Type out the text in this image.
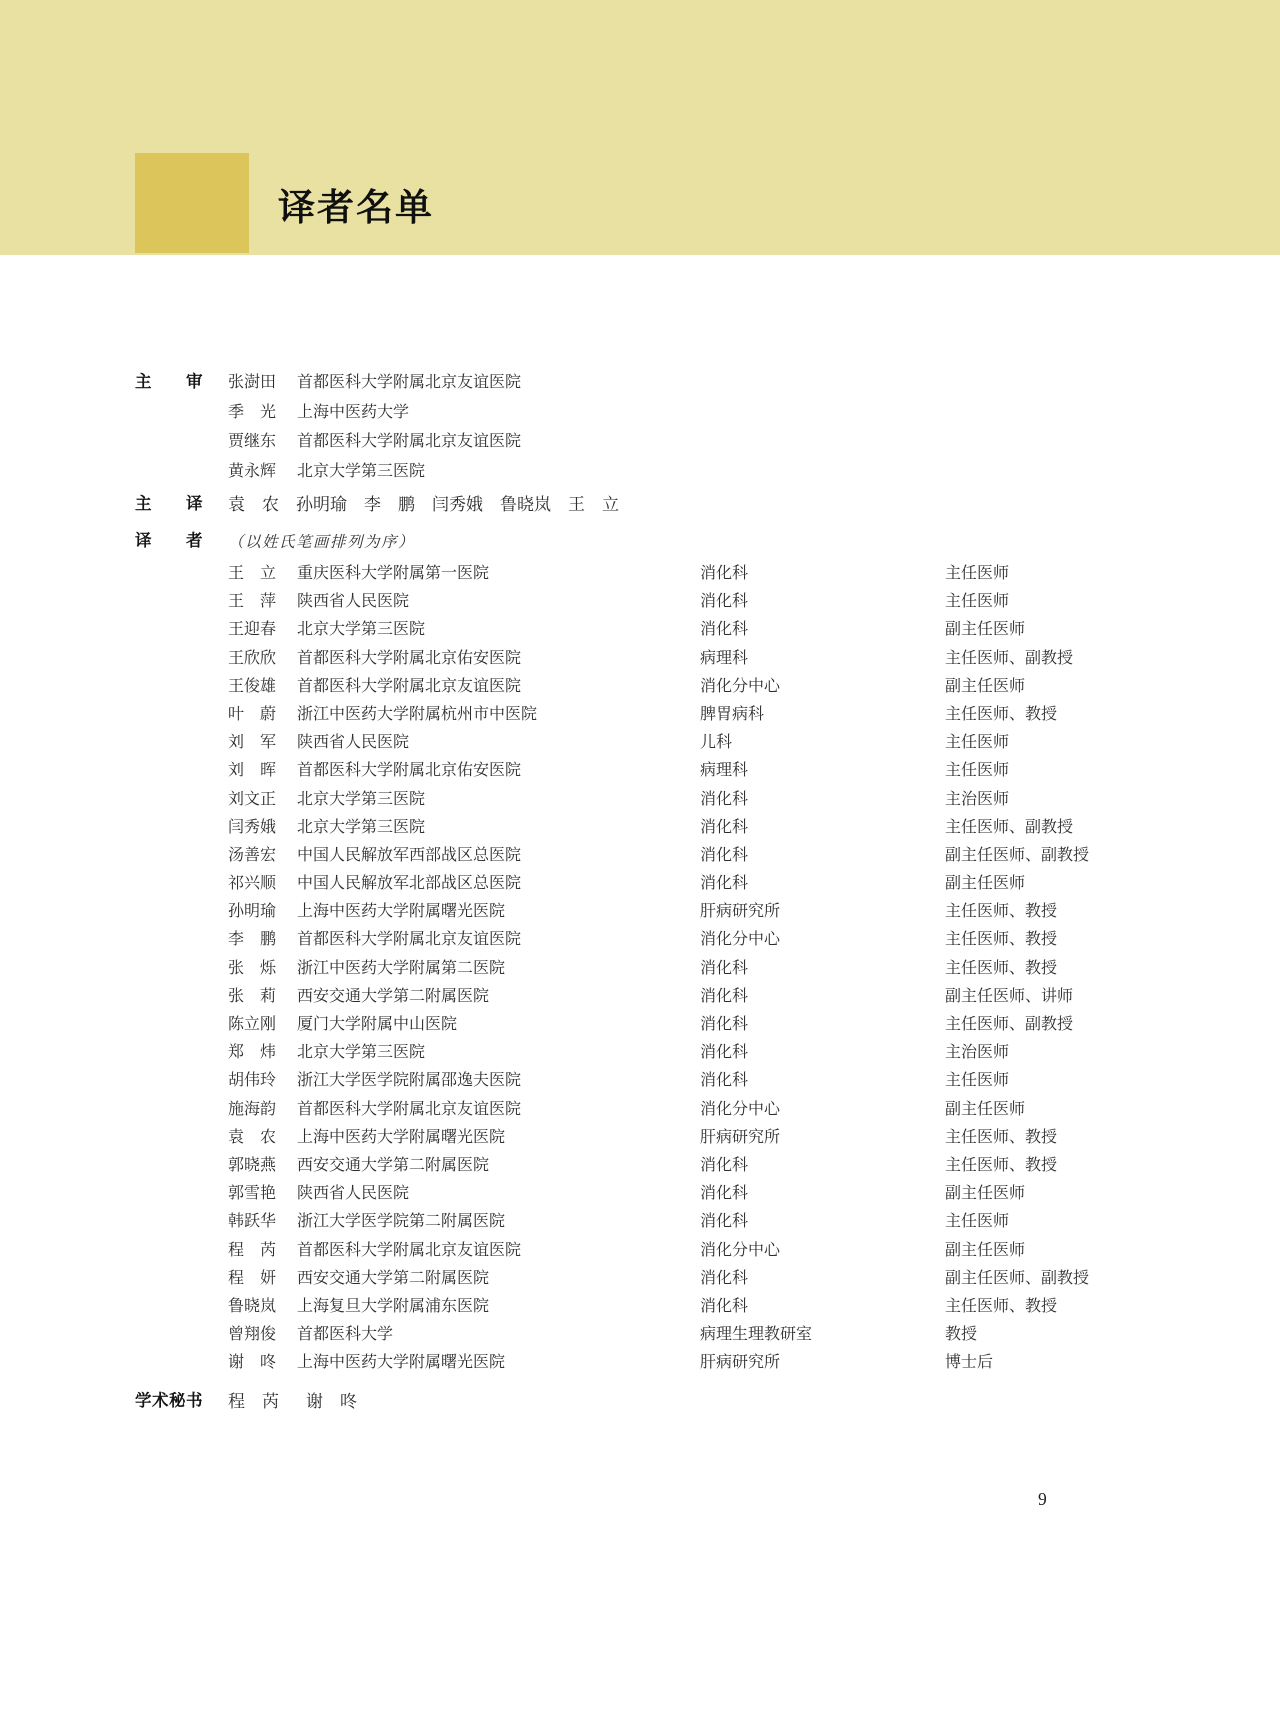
译者名单
主　　审 张澍田 首都医科大学附属北京友谊医院
季　光 上海中医药大学
贾继东 首都医科大学附属北京友谊医院
黄永辉 北京大学第三医院
主　　译 袁　农 孙明瑜 李　鹏 闫秀娥 鲁晓岚 王　立
译　　者 （以姓氏笔画排列为序）
王　立 重庆医科大学附属第一医院	消化科	主任医师
王　萍 陕西省人民医院	消化科	主任医师
王迎春 北京大学第三医院	消化科	副主任医师
王欣欣 首都医科大学附属北京佑安医院	病理科	主任医师、副教授
王俊雄 首都医科大学附属北京友谊医院	消化分中心	副主任医师
叶　蔚 浙江中医药大学附属杭州市中医院	脾胃病科	主任医师、教授
刘　军 陕西省人民医院	儿科	主任医师
刘　晖 首都医科大学附属北京佑安医院	病理科	主任医师
刘文正 北京大学第三医院	消化科	主治医师
闫秀娥 北京大学第三医院	消化科	主任医师、副教授
汤善宏 中国人民解放军西部战区总医院	消化科	副主任医师、副教授
祁兴顺 中国人民解放军北部战区总医院	消化科	副主任医师
孙明瑜 上海中医药大学附属曙光医院	肝病研究所	主任医师、教授
李　鹏 首都医科大学附属北京友谊医院	消化分中心	主任医师、教授
张　烁 浙江中医药大学附属第二医院	消化科	主任医师、教授
张　莉 西安交通大学第二附属医院	消化科	副主任医师、讲师
陈立刚 厦门大学附属中山医院	消化科	主任医师、副教授
郑　炜 北京大学第三医院	消化科	主治医师
胡伟玲 浙江大学医学院附属邵逸夫医院	消化科	主任医师
施海韵 首都医科大学附属北京友谊医院	消化分中心	副主任医师
袁　农 上海中医药大学附属曙光医院	肝病研究所	主任医师、教授
郭晓燕 西安交通大学第二附属医院	消化科	主任医师、教授
郭雪艳 陕西省人民医院	消化科	副主任医师
韩跃华 浙江大学医学院第二附属医院	消化科	主任医师
程　芮 首都医科大学附属北京友谊医院	消化分中心	副主任医师
程　妍 西安交通大学第二附属医院	消化科	副主任医师、副教授
鲁晓岚 上海复旦大学附属浦东医院	消化科	主任医师、教授
曾翔俊 首都医科大学	病理生理教研室	教授
谢　咚 上海中医药大学附属曙光医院	肝病研究所	博士后
学术秘书 程　芮 谢　咚
9
